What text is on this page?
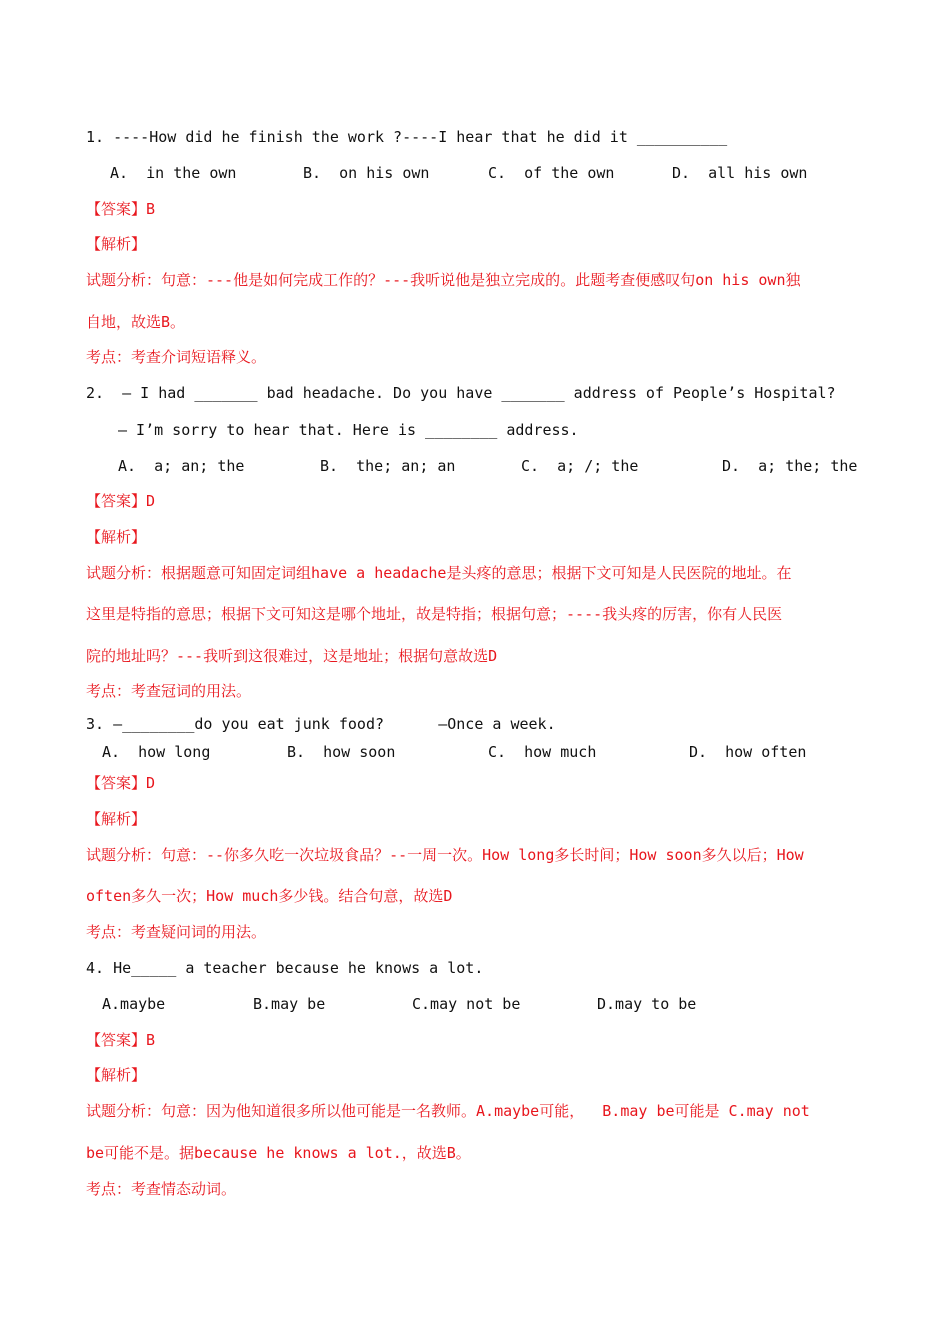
1. ----How did he finish the work ?----I hear that he did it __________
A.  in the own	B.  on his own	C.  of the own	D.  all his own
【答案】B
【解析】
试题分析：句意：---他是如何完成工作的？---我听说他是独立完成的。此题考查便感叹句on his own独
自地，故选B。
考点：考查介词短语释义。
2.  — I had _______ bad headache. Do you have _______ address of People’s Hospital?
— I’m sorry to hear that. Here is ________ address.
A.  a; an; the	B.  the; an; an	C.  a; /; the	D.  a; the; the
【答案】D
【解析】
试题分析：根据题意可知固定词组have a headache是头疼的意思；根据下文可知是人民医院的地址。在
这里是特指的意思；根据下文可知这是哪个地址，故是特指；根据句意；----我头疼的厉害，你有人民医
院的地址吗？---我听到这很难过，这是地址；根据句意故选D
考点：考查冠词的用法。
3. —________do you eat junk food?      —Once a week.
A.  how long	B.  how soon	C.  how much	D.  how often
【答案】D
【解析】
试题分析：句意：--你多久吃一次垃圾食品？--一周一次。How long多长时间；How soon多久以后；How
often多久一次；How much多少钱。结合句意，故选D
考点：考查疑问词的用法。
4. He_____ a teacher because he knows a lot.
A.maybe	B.may be	C.may not be	D.may to be
【答案】B
【解析】
试题分析：句意：因为他知道很多所以他可能是一名教师。A.maybe可能，  B.may be可能是 C.may not
be可能不是。据because he knows a lot.，故选B。
考点：考查情态动词。
